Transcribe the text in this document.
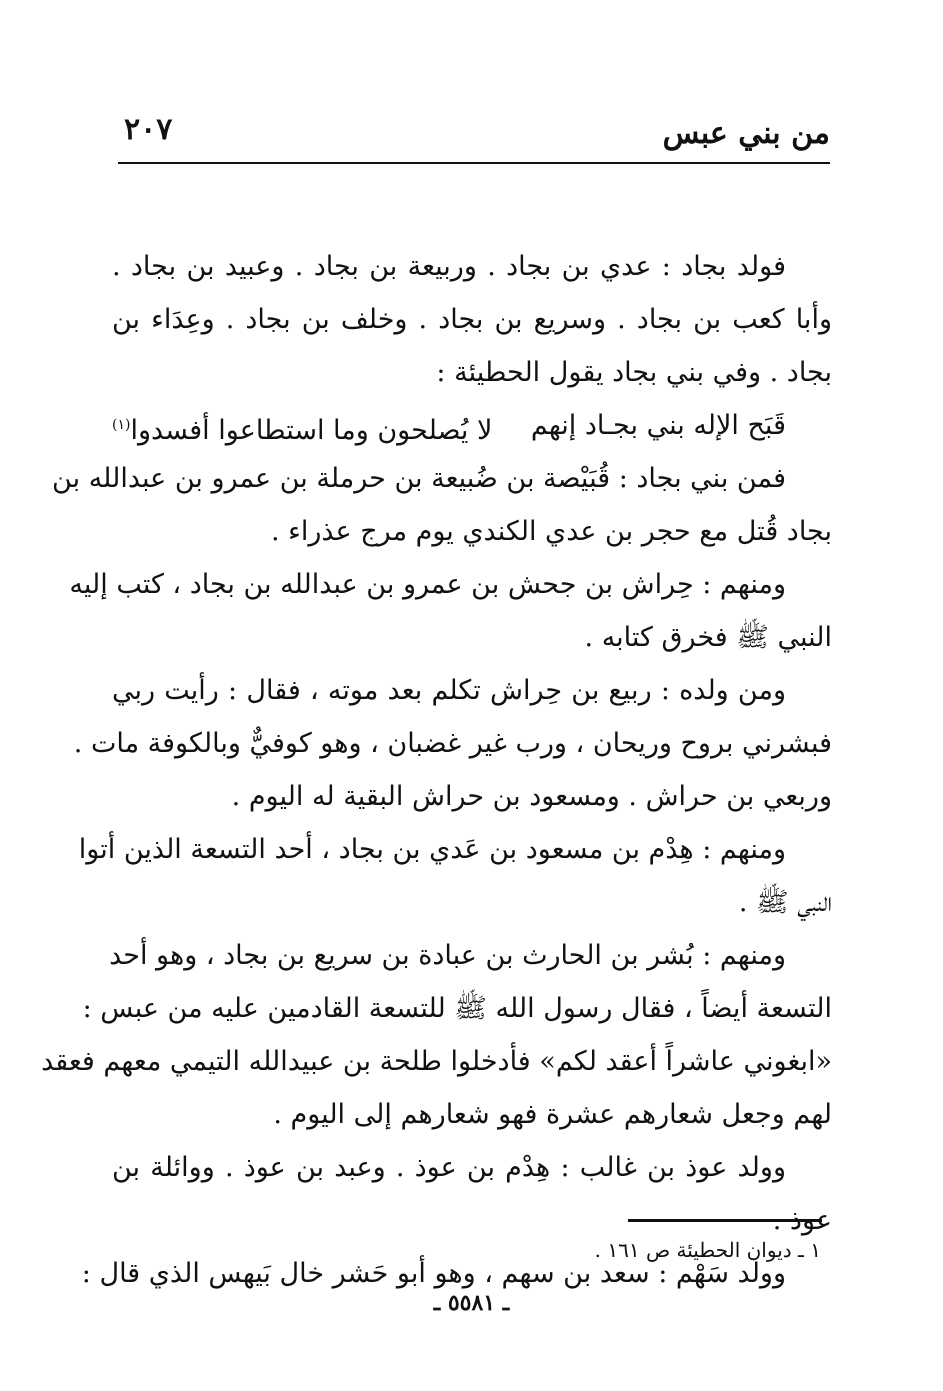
من بني عبس
٢٠٧
فولد بجاد : عدي بن بجاد . وربيعة بن بجاد . وعبيد بن بجاد .
وأبا كعب بن بجاد . وسريع بن بجاد . وخلف بن بجاد . وعِدَاء بن
بجاد . وفي بني بجاد يقول الحطيئة :
قَبَح الإله بني بجـاد إنهم
لا يُصلحون وما استطاعوا أفسدوا$^{(١)}$
فمن بني بجاد : قُبَيْصة بن ضُبيعة بن حرملة بن عمرو بن عبدالله بن
بجاد قُتل مع حجر بن عدي الكندي يوم مرج عذراء .
ومنهم : حِراش بن جحش بن عمرو بن عبدالله بن بجاد ، كتب إليه
النبي ﷺ فخرق كتابه .
ومن ولده : ربيع بن حِراش تكلم بعد موته ، فقال : رأيت ربي
فبشرني بروح وريحان ، ورب غير غضبان ، وهو كوفيٌّ وبالكوفة مات .
وربعي بن حراش . ومسعود بن حراش البقية له اليوم .
ومنهم : هِدْم بن مسعود بن عَدي بن بجاد ، أحد التسعة الذين أتوا
النبي ﷺ .
ومنهم : بُشر بن الحارث بن عبادة بن سريع بن بجاد ، وهو أحد
التسعة أيضاً ، فقال رسول الله ﷺ للتسعة القادمين عليه من عبس :
«ابغوني عاشراً أعقد لكم» فأدخلوا طلحة بن عبيدالله التيمي معهم فعقد
لهم وجعل شعارهم عشرة فهو شعارهم إلى اليوم .
وولد عوذ بن غالب : هِدْم بن عوذ . وعبد بن عوذ . ووائلة بن
عوذ .
وولد سَهْم : سعد بن سهم ، وهو أبو حَشر خال بَيهس الذي قال :
١ ـ ديوان الحطيئة ص ١٦١ .
ـ ٥٥٨١ ـ
